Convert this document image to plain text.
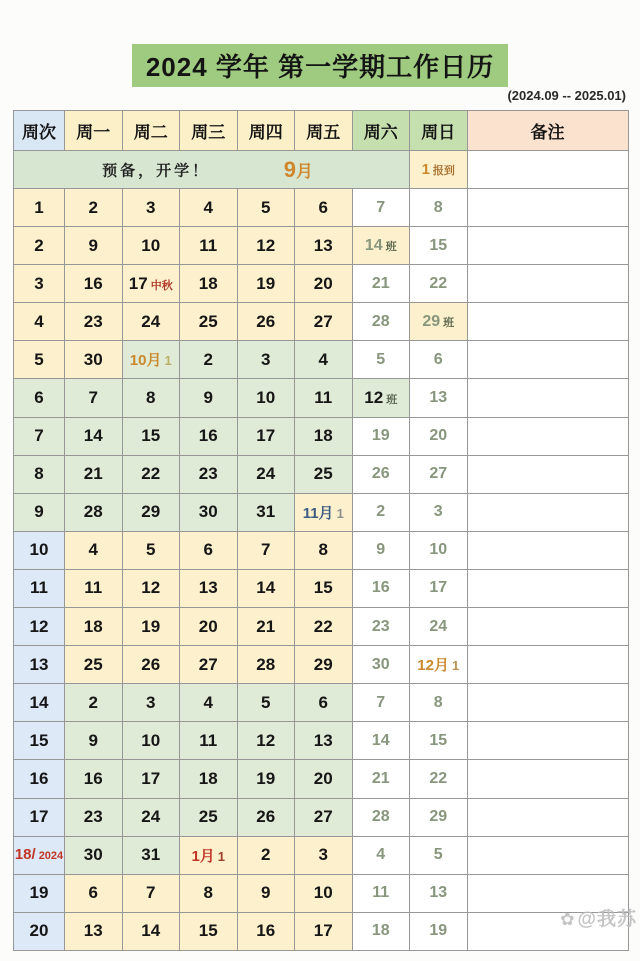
2024 学年 第一学期工作日历
(2024.09 -- 2025.01)
周次	周一	周二	周三	周四	周五	周六	周日	备注

预备，开学！ 9月							1 报到	
1	2	3	4	5	6	7	8	
2	9	10	11	12	13	14 班	15	
3	16	17 中秋	18	19	20	21	22	
4	23	24	25	26	27	28	29 班	
5	30	10月 1	2	3	4	5	6	
6	7	8	9	10	11	12 班	13	
7	14	15	16	17	18	19	20	
8	21	22	23	24	25	26	27	
9	28	29	30	31	11月 1	2	3	
10	4	5	6	7	8	9	10	
11	11	12	13	14	15	16	17	
12	18	19	20	21	22	23	24	
13	25	26	27	28	29	30	12月 1	
14	2	3	4	5	6	7	8	
15	9	10	11	12	13	14	15	
16	16	17	18	19	20	21	22	
17	23	24	25	26	27	28	29	
18/ 2024	30	31	1月 1	2	3	4	5	
19	6	7	8	9	10	11	13	
20	13	14	15	16	17	18	19	
✿ @我苏
